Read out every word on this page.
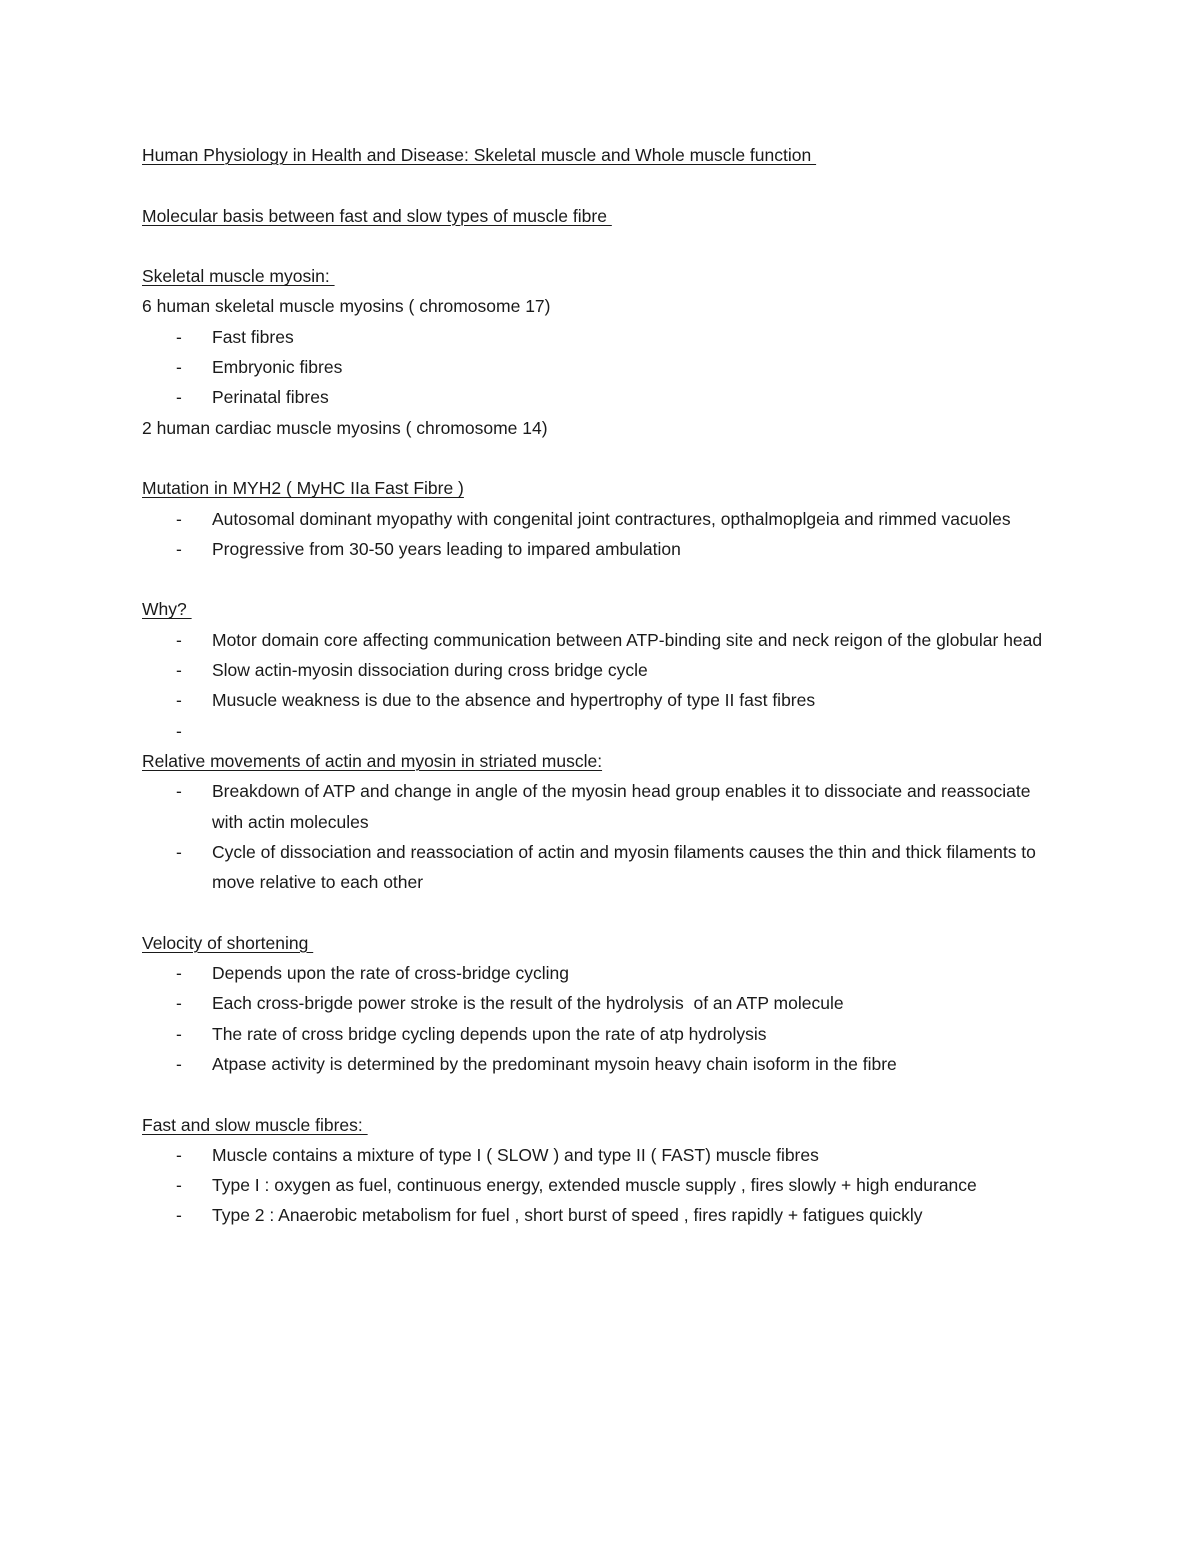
Human Physiology in Health and Disease: Skeletal muscle and Whole muscle function
Molecular basis between fast and slow types of muscle fibre
Skeletal muscle myosin:
6 human skeletal muscle myosins ( chromosome 17)
- Fast fibres
- Embryonic fibres
- Perinatal fibres
2 human cardiac muscle myosins ( chromosome 14)
Mutation in MYH2 ( MyHC IIa Fast Fibre )
- Autosomal dominant myopathy with congenital joint contractures, opthalmoplgeia and rimmed vacuoles
- Progressive from 30-50 years leading to impared ambulation
Why?
- Motor domain core affecting communication between ATP-binding site and neck reigon of the globular head
- Slow actin-myosin dissociation during cross bridge cycle
- Musucle weakness is due to the absence and hypertrophy of type II fast fibres
-
Relative movements of actin and myosin in striated muscle:
- Breakdown of ATP and change in angle of the myosin head group enables it to dissociate and reassociate with actin molecules
- Cycle of dissociation and reassociation of actin and myosin filaments causes the thin and thick filaments to move relative to each other
Velocity of shortening
- Depends upon the rate of cross-bridge cycling
- Each cross-brigde power stroke is the result of the hydrolysis  of an ATP molecule
- The rate of cross bridge cycling depends upon the rate of atp hydrolysis
- Atpase activity is determined by the predominant mysoin heavy chain isoform in the fibre
Fast and slow muscle fibres:
- Muscle contains a mixture of type I ( SLOW ) and type II ( FAST) muscle fibres
- Type I : oxygen as fuel, continuous energy, extended muscle supply , fires slowly + high endurance
- Type 2 : Anaerobic metabolism for fuel , short burst of speed , fires rapidly + fatigues quickly
